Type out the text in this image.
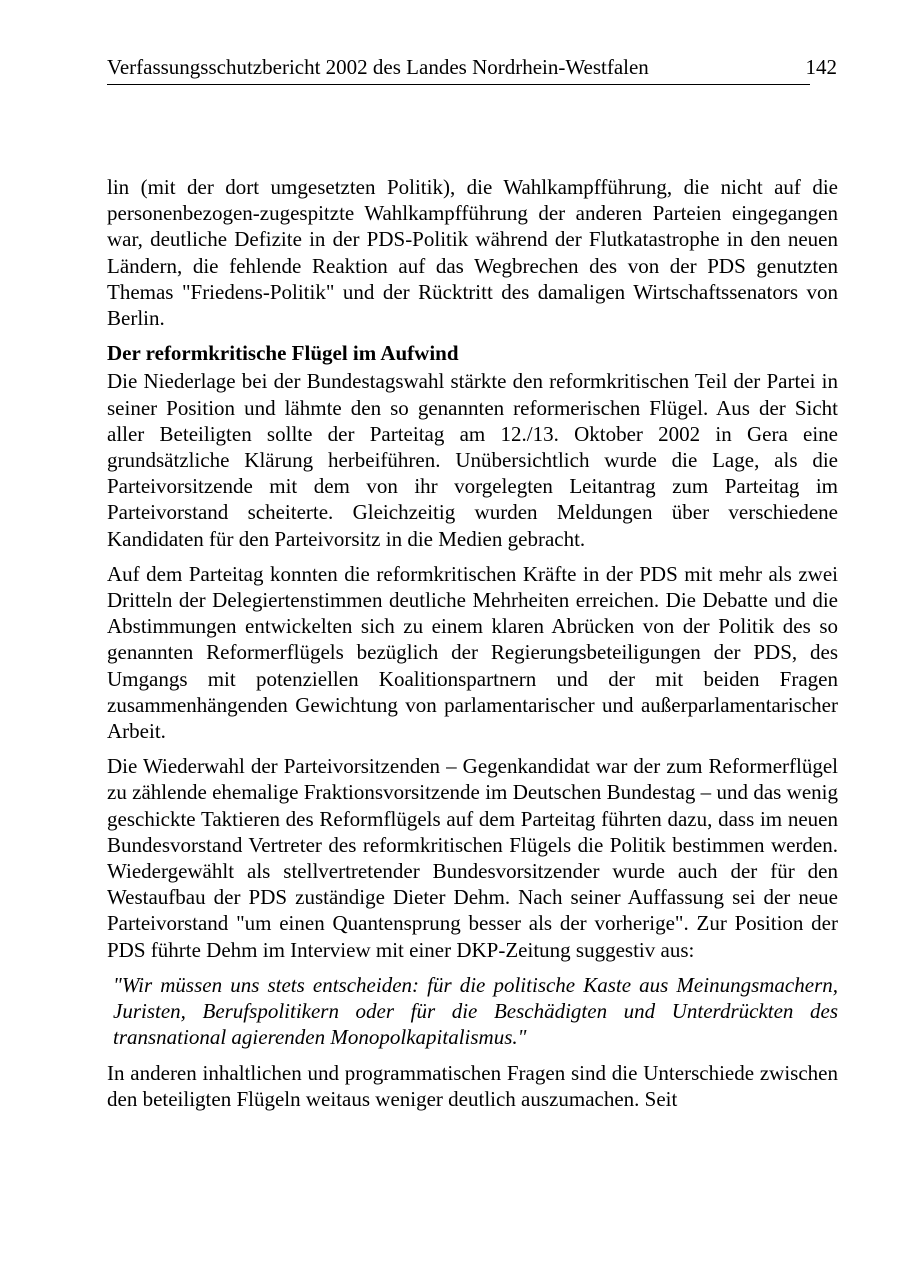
Verfassungsschutzbericht 2002 des Landes Nordrhein-Westfalen	142

lin (mit der dort umgesetzten Politik), die Wahlkampfführung, die nicht auf die personenbezogen-zugespitzte Wahlkampfführung der anderen Parteien eingegangen war, deutliche Defizite in der PDS-Politik während der Flutkatastrophe in den neuen Ländern, die fehlende Reaktion auf das Wegbrechen des von der PDS genutzten Themas "Friedens-Politik" und der Rücktritt des damaligen Wirtschaftssenators von Berlin.

Der reformkritische Flügel im Aufwind

Die Niederlage bei der Bundestagswahl stärkte den reformkritischen Teil der Partei in seiner Position und lähmte den so genannten reformerischen Flügel. Aus der Sicht aller Beteiligten sollte der Parteitag am 12./13. Oktober 2002 in Gera eine grundsätzliche Klärung herbeiführen. Unübersichtlich wurde die Lage, als die Parteivorsitzende mit dem von ihr vorgelegten Leitantrag zum Parteitag im Parteivorstand scheiterte. Gleichzeitig wurden Meldungen über verschiedene Kandidaten für den Parteivorsitz in die Medien gebracht.

Auf dem Parteitag konnten die reformkritischen Kräfte in der PDS mit mehr als zwei Dritteln der Delegiertenstimmen deutliche Mehrheiten erreichen. Die Debatte und die Abstimmungen entwickelten sich zu einem klaren Abrücken von der Politik des so genannten Reformerflügels bezüglich der Regierungsbeteiligungen der PDS, des Umgangs mit potenziellen Koalitionspartnern und der mit beiden Fragen zusammenhängenden Gewichtung von parlamentarischer und außerparlamentarischer Arbeit.

Die Wiederwahl der Parteivorsitzenden – Gegenkandidat war der zum Reformerflügel zu zählende ehemalige Fraktionsvorsitzende im Deutschen Bundestag – und das wenig geschickte Taktieren des Reformflügels auf dem Parteitag führten dazu, dass im neuen Bundesvorstand Vertreter des reformkritischen Flügels die Politik bestimmen werden. Wiedergewählt als stellvertretender Bundesvorsitzender wurde auch der für den Westaufbau der PDS zuständige Dieter Dehm. Nach seiner Auffassung sei der neue Parteivorstand "um einen Quantensprung besser als der vorherige". Zur Position der PDS führte Dehm im Interview mit einer DKP-Zeitung suggestiv aus:

"Wir müssen uns stets entscheiden: für die politische Kaste aus Meinungsmachern, Juristen, Berufspolitikern oder für die Beschädigten und Unterdrückten des transnational agierenden Monopolkapitalismus."

In anderen inhaltlichen und programmatischen Fragen sind die Unterschiede zwischen den beteiligten Flügeln weitaus weniger deutlich auszumachen. Seit
